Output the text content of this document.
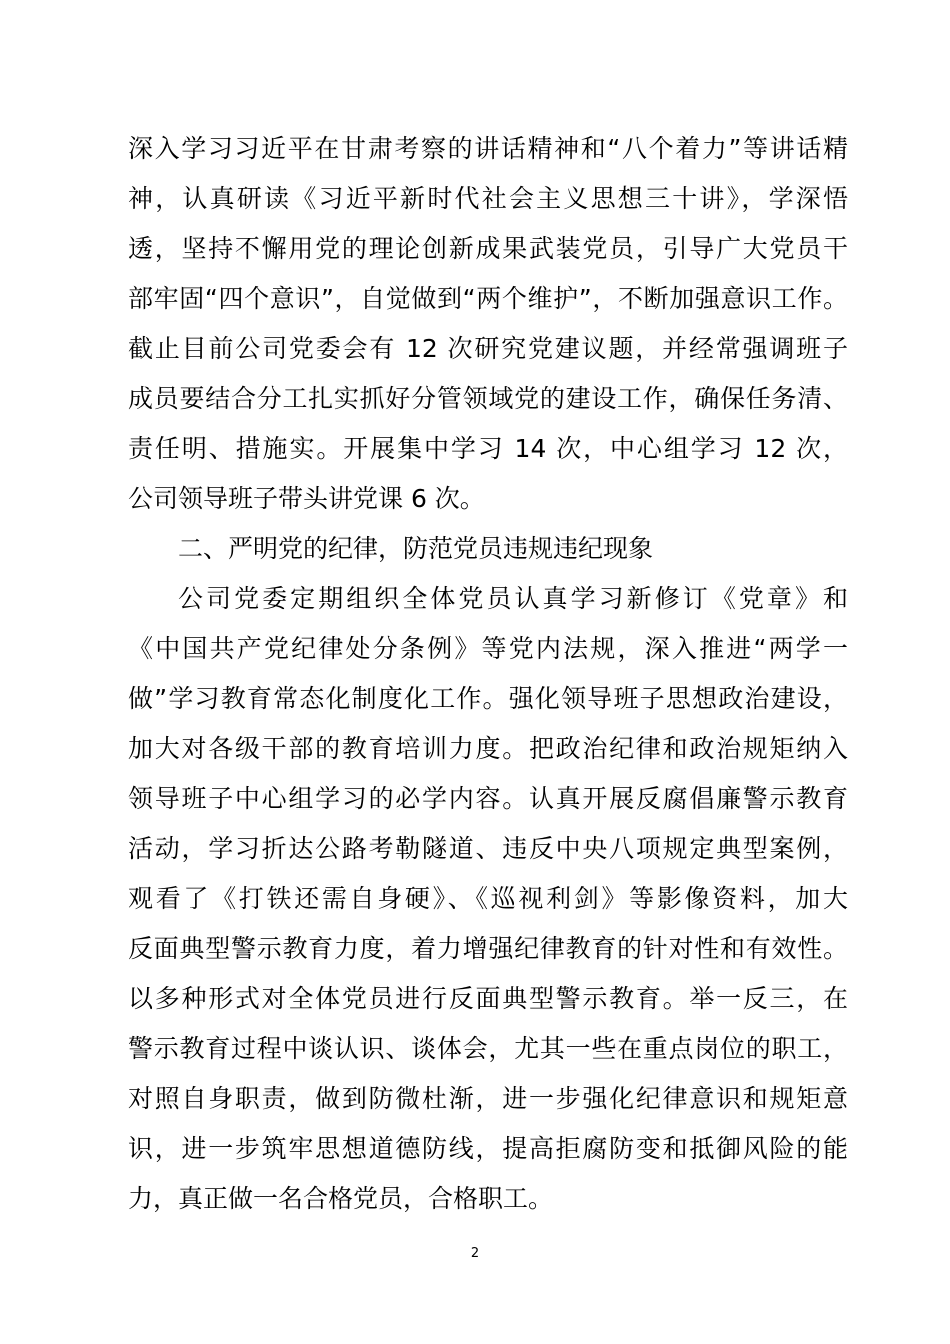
深入学习习近平在甘肃考察的讲话精神和“八个着力”等讲话精
神，认真研读《习近平新时代社会主义思想三十讲》，学深悟
透，坚持不懈用党的理论创新成果武装党员，引导广大党员干
部牢固“四个意识”，自觉做到“两个维护”，不断加强意识工作。
截止目前公司党委会有 12 次研究党建议题，并经常强调班子
成员要结合分工扎实抓好分管领域党的建设工作，确保任务清、
责任明、措施实。开展集中学习 14 次，中心组学习 12 次，
公司领导班子带头讲党课 6 次。
二、严明党的纪律，防范党员违规违纪现象
公司党委定期组织全体党员认真学习新修订《党章》和
《中国共产党纪律处分条例》等党内法规，深入推进“两学一
做”学习教育常态化制度化工作。强化领导班子思想政治建设，
加大对各级干部的教育培训力度。把政治纪律和政治规矩纳入
领导班子中心组学习的必学内容。认真开展反腐倡廉警示教育
活动，学习折达公路考勒隧道、违反中央八项规定典型案例，
观看了《打铁还需自身硬》、《巡视利剑》等影像资料，加大
反面典型警示教育力度，着力增强纪律教育的针对性和有效性。
以多种形式对全体党员进行反面典型警示教育。举一反三，在
警示教育过程中谈认识、谈体会，尤其一些在重点岗位的职工，
对照自身职责，做到防微杜渐，进一步强化纪律意识和规矩意
识，进一步筑牢思想道德防线，提高拒腐防变和抵御风险的能
力，真正做一名合格党员，合格职工。
2
